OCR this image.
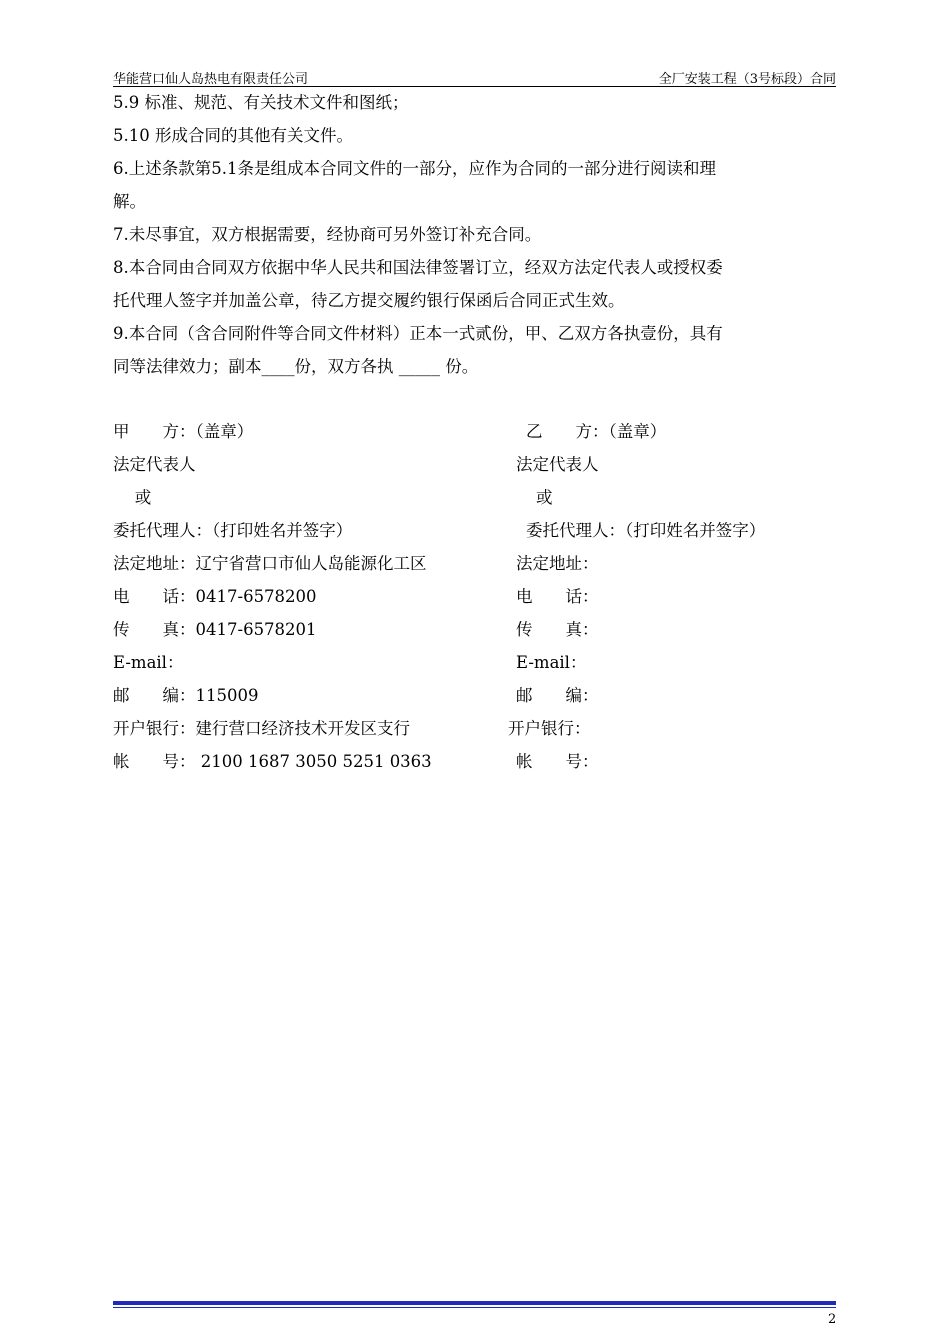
华能营口仙人岛热电有限责任公司	全厂安装工程（3号标段）合同
5.9 标准、规范、有关技术文件和图纸；
5.10 形成合同的其他有关文件。
6.上述条款第5.1条是组成本合同文件的一部分，应作为合同的一部分进行阅读和理
解。
7.未尽事宜，双方根据需要，经协商可另外签订补充合同。
8.本合同由合同双方依据中华人民共和国法律签署订立，经双方法定代表人或授权委
托代理人签字并加盖公章，待乙方提交履约银行保函后合同正式生效。
9.本合同（含合同附件等合同文件材料）正本一式贰份，甲、乙双方各执壹份，具有
同等法律效力；副本____份，双方各执 _____ 份。
甲　　方：（盖章）
法定代表人
　 或
委托代理人：（打印姓名并签字）
法定地址：辽宁省营口市仙人岛能源化工区
电　　话：0417-6578200
传　　真：0417-6578201
E-mail：
邮　　编：115009
开户银行：建行营口经济技术开发区支行
帐　　号： 2100 1687 3050 5251 0363
乙　　方：（盖章）
法定代表人
或
委托代理人：（打印姓名并签字）
法定地址：
电　　话：
传　　真：
E-mail：
邮　　编：
开户银行：
帐　　号：
2
